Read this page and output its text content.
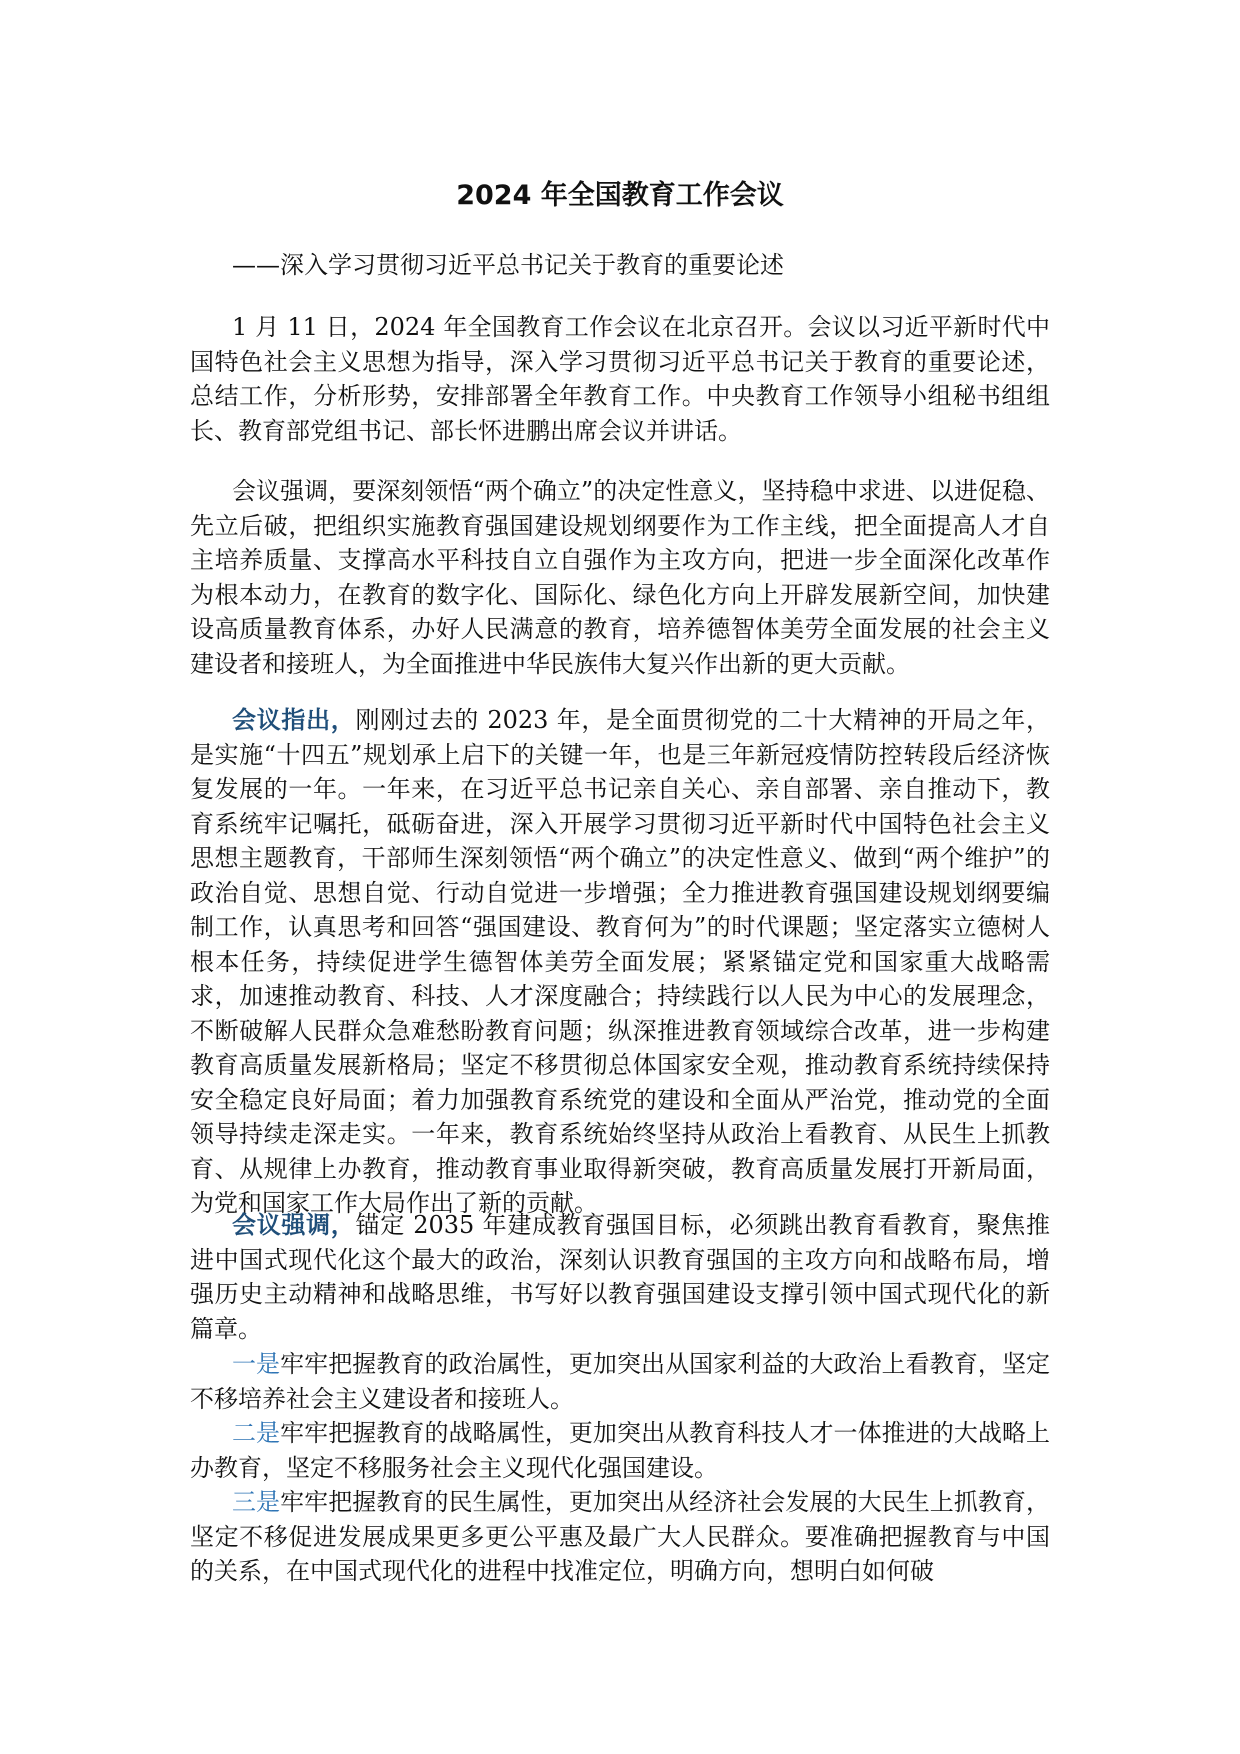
2024 年全国教育工作会议

——深入学习贯彻习近平总书记关于教育的重要论述

1 月 11 日，2024 年全国教育工作会议在北京召开。会议以习近平新时代中国特色社会主义思想为指导，深入学习贯彻习近平总书记关于教育的重要论述，总结工作，分析形势，安排部署全年教育工作。中央教育工作领导小组秘书组组长、教育部党组书记、部长怀进鹏出席会议并讲话。

会议强调，要深刻领悟“两个确立”的决定性意义，坚持稳中求进、以进促稳、先立后破，把组织实施教育强国建设规划纲要作为工作主线，把全面提高人才自主培养质量、支撑高水平科技自立自强作为主攻方向，把进一步全面深化改革作为根本动力，在教育的数字化、国际化、绿色化方向上开辟发展新空间，加快建设高质量教育体系，办好人民满意的教育，培养德智体美劳全面发展的社会主义建设者和接班人，为全面推进中华民族伟大复兴作出新的更大贡献。

会议指出，刚刚过去的 2023 年，是全面贯彻党的二十大精神的开局之年，是实施“十四五”规划承上启下的关键一年，也是三年新冠疫情防控转段后经济恢复发展的一年。一年来，在习近平总书记亲自关心、亲自部署、亲自推动下，教育系统牢记嘱托，砥砺奋进，深入开展学习贯彻习近平新时代中国特色社会主义思想主题教育，干部师生深刻领悟“两个确立”的决定性意义、做到“两个维护”的政治自觉、思想自觉、行动自觉进一步增强；全力推进教育强国建设规划纲要编制工作，认真思考和回答“强国建设、教育何为”的时代课题；坚定落实立德树人根本任务，持续促进学生德智体美劳全面发展；紧紧锚定党和国家重大战略需求，加速推动教育、科技、人才深度融合；持续践行以人民为中心的发展理念，不断破解人民群众急难愁盼教育问题；纵深推进教育领域综合改革，进一步构建教育高质量发展新格局；坚定不移贯彻总体国家安全观，推动教育系统持续保持安全稳定良好局面；着力加强教育系统党的建设和全面从严治党，推动党的全面领导持续走深走实。一年来，教育系统始终坚持从政治上看教育、从民生上抓教育、从规律上办教育，推动教育事业取得新突破，教育高质量发展打开新局面，为党和国家工作大局作出了新的贡献。

会议强调，锚定 2035 年建成教育强国目标，必须跳出教育看教育，聚焦推进中国式现代化这个最大的政治，深刻认识教育强国的主攻方向和战略布局，增强历史主动精神和战略思维，书写好以教育强国建设支撑引领中国式现代化的新篇章。

一是牢牢把握教育的政治属性，更加突出从国家利益的大政治上看教育，坚定不移培养社会主义建设者和接班人。

二是牢牢把握教育的战略属性，更加突出从教育科技人才一体推进的大战略上办教育，坚定不移服务社会主义现代化强国建设。

三是牢牢把握教育的民生属性，更加突出从经济社会发展的大民生上抓教育，坚定不移促进发展成果更多更公平惠及最广大人民群众。要准确把握教育与中国的关系，在中国式现代化的进程中找准定位，明确方向，想明白如何破
